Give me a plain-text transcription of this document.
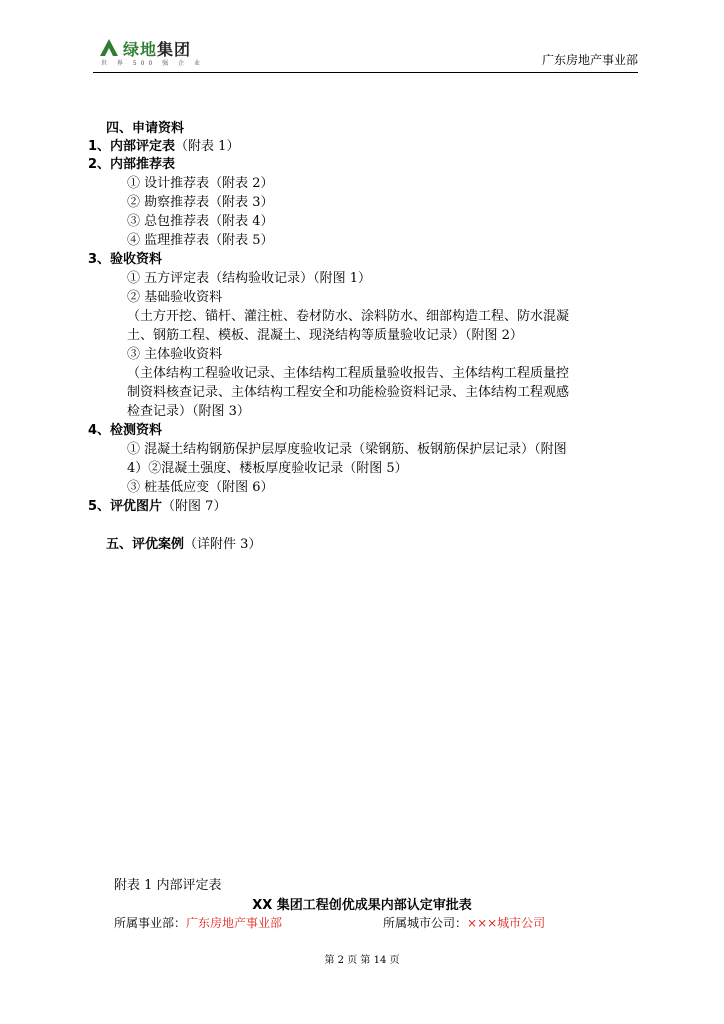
绿地集团
世 界 500 强 企 业	广东房地产事业部
四、申请资料
1、内部评定表（附表 1）
2、内部推荐表
① 设计推荐表（附表 2）
② 勘察推荐表（附表 3）
③ 总包推荐表（附表 4）
④ 监理推荐表（附表 5）
3、验收资料
① 五方评定表（结构验收记录）（附图 1）
② 基础验收资料
（土方开挖、锚杆、灌注桩、卷材防水、涂料防水、细部构造工程、防水混凝
土、钢筋工程、模板、混凝土、现浇结构等质量验收记录）（附图 2）
③ 主体验收资料
（主体结构工程验收记录、主体结构工程质量验收报告、主体结构工程质量控
制资料核查记录、主体结构工程安全和功能检验资料记录、主体结构工程观感
检查记录）（附图 3）
4、检测资料
① 混凝土结构钢筋保护层厚度验收记录（梁钢筋、板钢筋保护层记录）（附图
4）②混凝土强度、楼板厚度验收记录（附图 5）
③ 桩基低应变（附图 6）
5、评优图片（附图 7）
五、评优案例（详附件 3）
附表 1 内部评定表
XX 集团工程创优成果内部认定审批表
所属事业部：广东房地产事业部	所属城市公司：×××城市公司
第 2 页 第 14 页
